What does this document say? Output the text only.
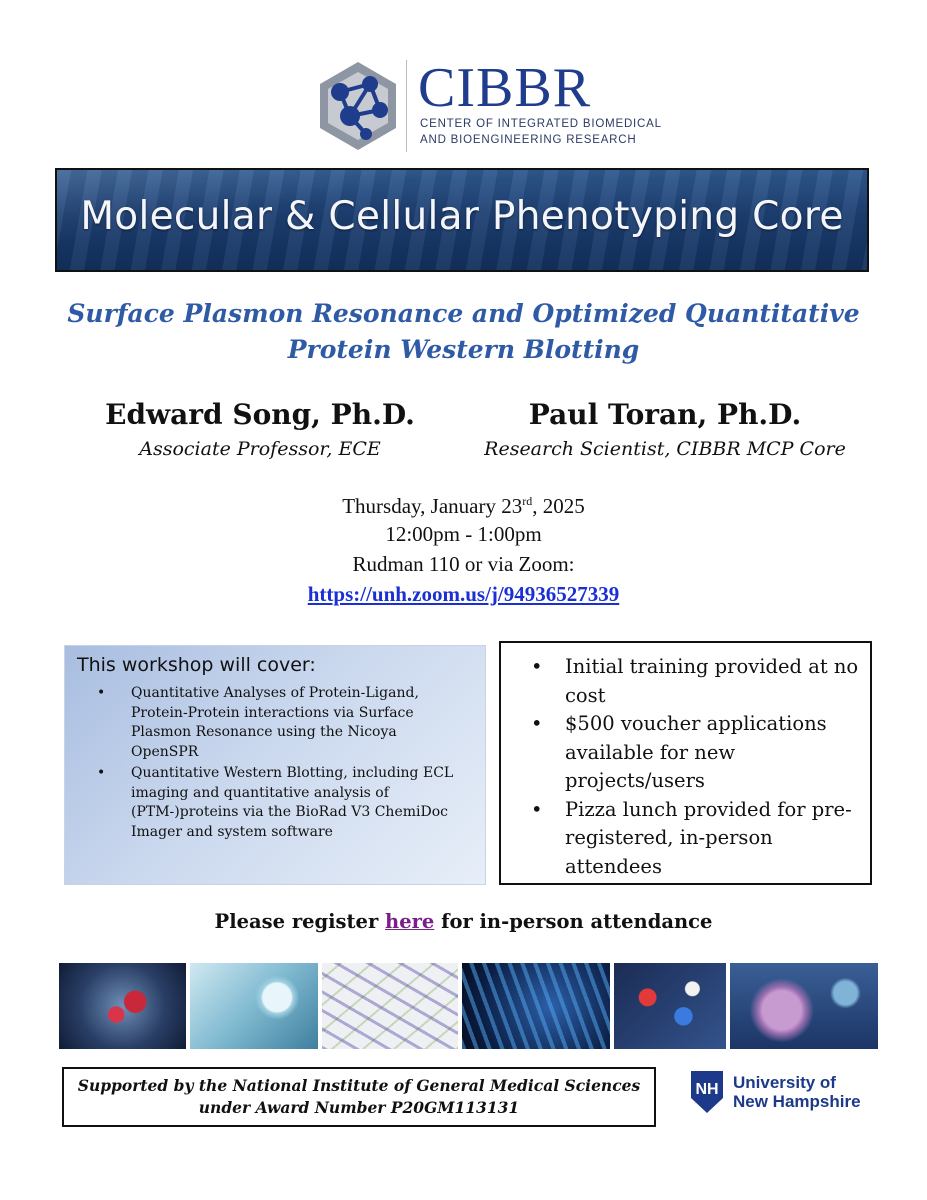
CIBBR
CENTER OF INTEGRATED BIOMEDICAL
AND BIOENGINEERING RESEARCH
Molecular & Cellular Phenotyping Core
Surface Plasmon Resonance and Optimized Quantitative
Protein Western Blotting
Edward Song, Ph.D.
Associate Professor, ECE
Paul Toran, Ph.D.
Research Scientist, CIBBR MCP Core
Thursday, January 23rd, 2025
12:00pm - 1:00pm
Rudman 110 or via Zoom:
https://unh.zoom.us/j/94936527339
This workshop will cover:
• Quantitative Analyses of Protein-Ligand, Protein-Protein interactions via Surface Plasmon Resonance using the Nicoya OpenSPR
• Quantitative Western Blotting, including ECL imaging and quantitative analysis of (PTM-)proteins via the BioRad V3 ChemiDoc Imager and system software
• Initial training provided at no cost
• $500 voucher applications available for new projects/users
• Pizza lunch provided for pre-registered, in-person attendees
Please register here for in-person attendance
Supported by the National Institute of General Medical Sciences
under Award Number P20GM113131
NH University of
New Hampshire
